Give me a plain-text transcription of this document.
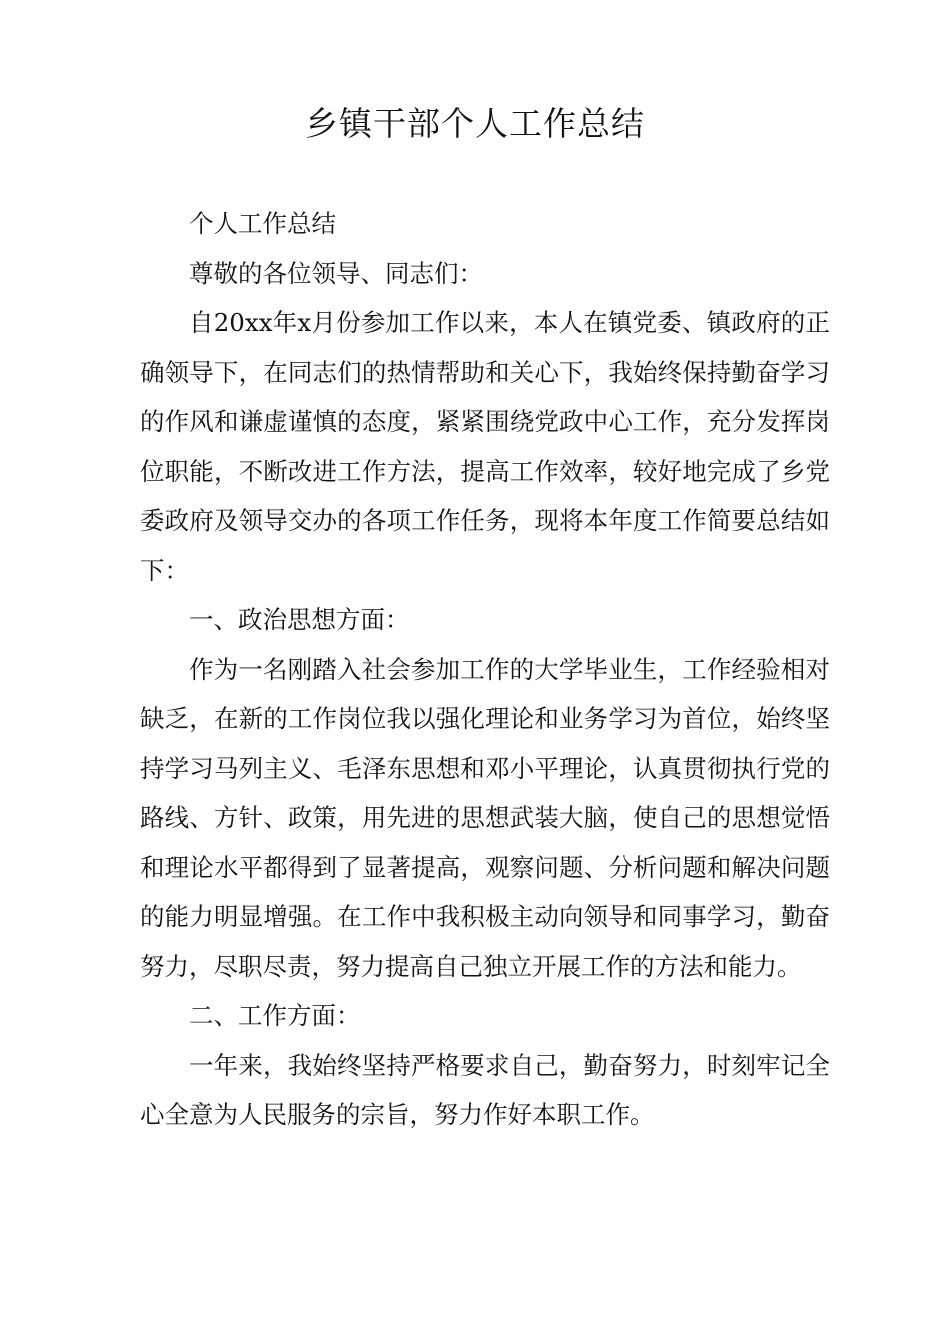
乡镇干部个人工作总结

个人工作总结

尊敬的各位领导、同志们：

自20xx年x月份参加工作以来，本人在镇党委、镇政府的正确领导下，在同志们的热情帮助和关心下，我始终保持勤奋学习的作风和谦虚谨慎的态度，紧紧围绕党政中心工作，充分发挥岗位职能，不断改进工作方法，提高工作效率，较好地完成了乡党委政府及领导交办的各项工作任务，现将本年度工作简要总结如下：

一、政治思想方面：

作为一名刚踏入社会参加工作的大学毕业生，工作经验相对缺乏，在新的工作岗位我以强化理论和业务学习为首位，始终坚持学习马列主义、毛泽东思想和邓小平理论，认真贯彻执行党的路线、方针、政策，用先进的思想武装大脑，使自己的思想觉悟和理论水平都得到了显著提高，观察问题、分析问题和解决问题的能力明显增强。在工作中我积极主动向领导和同事学习，勤奋努力，尽职尽责，努力提高自己独立开展工作的方法和能力。

二、工作方面：

一年来，我始终坚持严格要求自己，勤奋努力，时刻牢记全心全意为人民服务的宗旨，努力作好本职工作。
